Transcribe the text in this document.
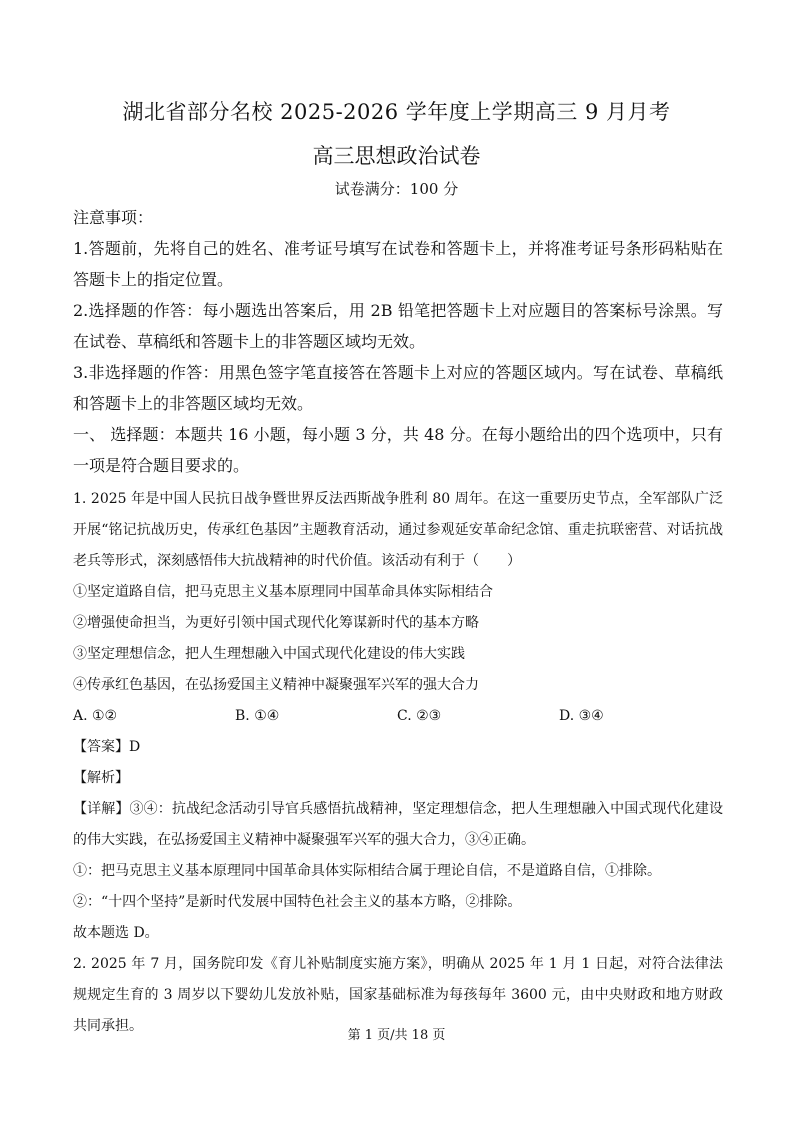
湖北省部分名校 2025-2026 学年度上学期高三 9 月月考
高三思想政治试卷
试卷满分：100 分

注意事项：

1.答题前，先将自己的姓名、准考证号填写在试卷和答题卡上，并将准考证号条形码粘贴在答题卡上的指定位置。

2.选择题的作答：每小题选出答案后，用 2B 铅笔把答题卡上对应题目的答案标号涂黑。写在试卷、草稿纸和答题卡上的非答题区域均无效。

3.非选择题的作答：用黑色签字笔直接答在答题卡上对应的答题区域内。写在试卷、草稿纸和答题卡上的非答题区域均无效。

一、 选择题：本题共 16 小题，每小题 3 分，共 48 分。在每小题给出的四个选项中，只有一项是符合题目要求的。

1. 2025 年是中国人民抗日战争暨世界反法西斯战争胜利 80 周年。在这一重要历史节点，全军部队广泛开展“铭记抗战历史，传承红色基因”主题教育活动，通过参观延安革命纪念馆、重走抗联密营、对话抗战老兵等形式，深刻感悟伟大抗战精神的时代价值。该活动有利于（　　）

①坚定道路自信，把马克思主义基本原理同中国革命具体实际相结合

②增强使命担当，为更好引领中国式现代化筹谋新时代的基本方略

③坚定理想信念，把人生理想融入中国式现代化建设的伟大实践

④传承红色基因，在弘扬爱国主义精神中凝聚强军兴军的强大合力

A. ①②	B. ①④	C. ②③	D. ③④

【答案】D

【解析】

【详解】③④：抗战纪念活动引导官兵感悟抗战精神，坚定理想信念，把人生理想融入中国式现代化建设的伟大实践，在弘扬爱国主义精神中凝聚强军兴军的强大合力，③④正确。

①：把马克思主义基本原理同中国革命具体实际相结合属于理论自信，不是道路自信，①排除。

②：“十四个坚持”是新时代发展中国特色社会主义的基本方略，②排除。

故本题选 D。

2. 2025 年 7 月，国务院印发《育儿补贴制度实施方案》，明确从 2025 年 1 月 1 日起，对符合法律法规规定生育的 3 周岁以下婴幼儿发放补贴，国家基础标准为每孩每年 3600 元，由中央财政和地方财政共同承担。

第 1 页/共 18 页
